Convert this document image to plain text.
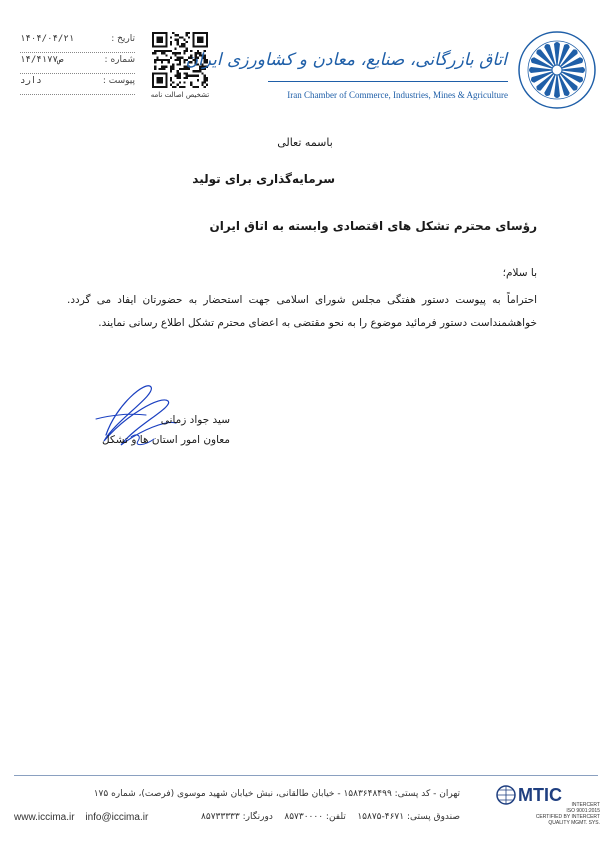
تاریخ :
۱۴۰۴/۰۴/۲۱
شماره :
۱۴/۴۱۷۷ص
پیوست :
دارد
تشخیص اصالت نامه
اتاق بازرگانی، صنایع، معادن و کشاورزی ایران
Iran Chamber of Commerce, Industries, Mines & Agriculture
باسمه تعالی
سرمایه‌گذاری برای تولید
رؤسای محترم تشکل های اقتصادی وابسته به اتاق ایران
با سلام؛
احتراماً به پیوست دستور هفتگی مجلس شورای اسلامی جهت استحضار به حضورتان ایفاد می گردد. خواهشمنداست دستور فرمائید موضوع را به نحو مقتضی به اعضای محترم تشکل اطلاع رسانی نمایند.
سید جواد زمانی
معاون امور استان ها و تشکل
تهران - کد پستی: ۱۵۸۳۶۴۸۴۹۹ - خیابان طالقانی، نبش خیابان شهید موسوی (فرصت)، شماره ۱۷۵
صندوق پستی: ۴۶۷۱-۱۵۸۷۵    تلفن: ۸۵۷۳۰۰۰۰    دورنگار: ۸۵۷۳۳۳۳۳
www.iccima.ir info@iccima.ir
MTIC	INTERCERT
ISO 9001:2015
CERTIFIED BY INTERCERT QUALITY MGMT. SYS.
